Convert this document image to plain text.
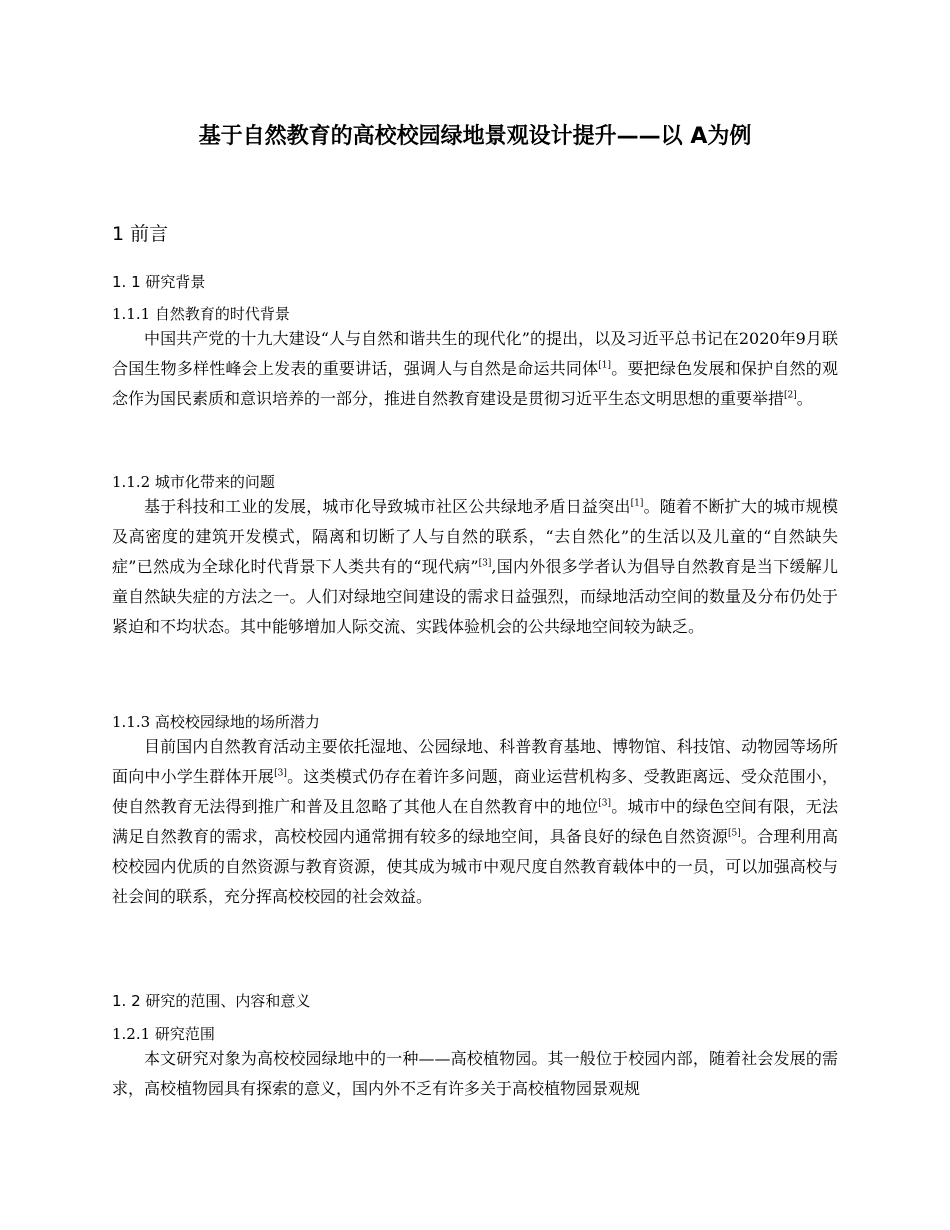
基于自然教育的高校校园绿地景观设计提升——以 A为例
1 前言
1. 1 研究背景
1.1.1 自然教育的时代背景

中国共产党的十九大建设“人与自然和谐共生的现代化”的提出，以及习近平总书记在2020年9月联合国生物多样性峰会上发表的重要讲话，强调人与自然是命运共同体[1]。要把绿色发展和保护自然的观念作为国民素质和意识培养的一部分，推进自然教育建设是贯彻习近平生态文明思想的重要举措[2]。

1.1.2 城市化带来的问题

基于科技和工业的发展，城市化导致城市社区公共绿地矛盾日益突出[1]。随着不断扩大的城市规模及高密度的建筑开发模式，隔离和切断了人与自然的联系，“去自然化”的生活以及儿童的“自然缺失症”已然成为全球化时代背景下人类共有的“现代病”[3],国内外很多学者认为倡导自然教育是当下缓解儿童自然缺失症的方法之一。人们对绿地空间建设的需求日益强烈，而绿地活动空间的数量及分布仍处于紧迫和不均状态。其中能够增加人际交流、实践体验机会的公共绿地空间较为缺乏。

1.1.3 高校校园绿地的场所潜力

目前国内自然教育活动主要依托湿地、公园绿地、科普教育基地、博物馆、科技馆、动物园等场所面向中小学生群体开展[3]。这类模式仍存在着许多问题，商业运营机构多、受教距离远、受众范围小，使自然教育无法得到推广和普及且忽略了其他人在自然教育中的地位[3]。城市中的绿色空间有限，无法满足自然教育的需求，高校校园内通常拥有较多的绿地空间，具备良好的绿色自然资源[5]。合理利用高校校园内优质的自然资源与教育资源，使其成为城市中观尺度自然教育载体中的一员，可以加强高校与社会间的联系，充分挥高校校园的社会效益。

1. 2 研究的范围、内容和意义
1.2.1 研究范围

本文研究对象为高校校园绿地中的一种——高校植物园。其一般位于校园内部，随着社会发展的需求，高校植物园具有探索的意义，国内外不乏有许多关于高校植物园景观规
